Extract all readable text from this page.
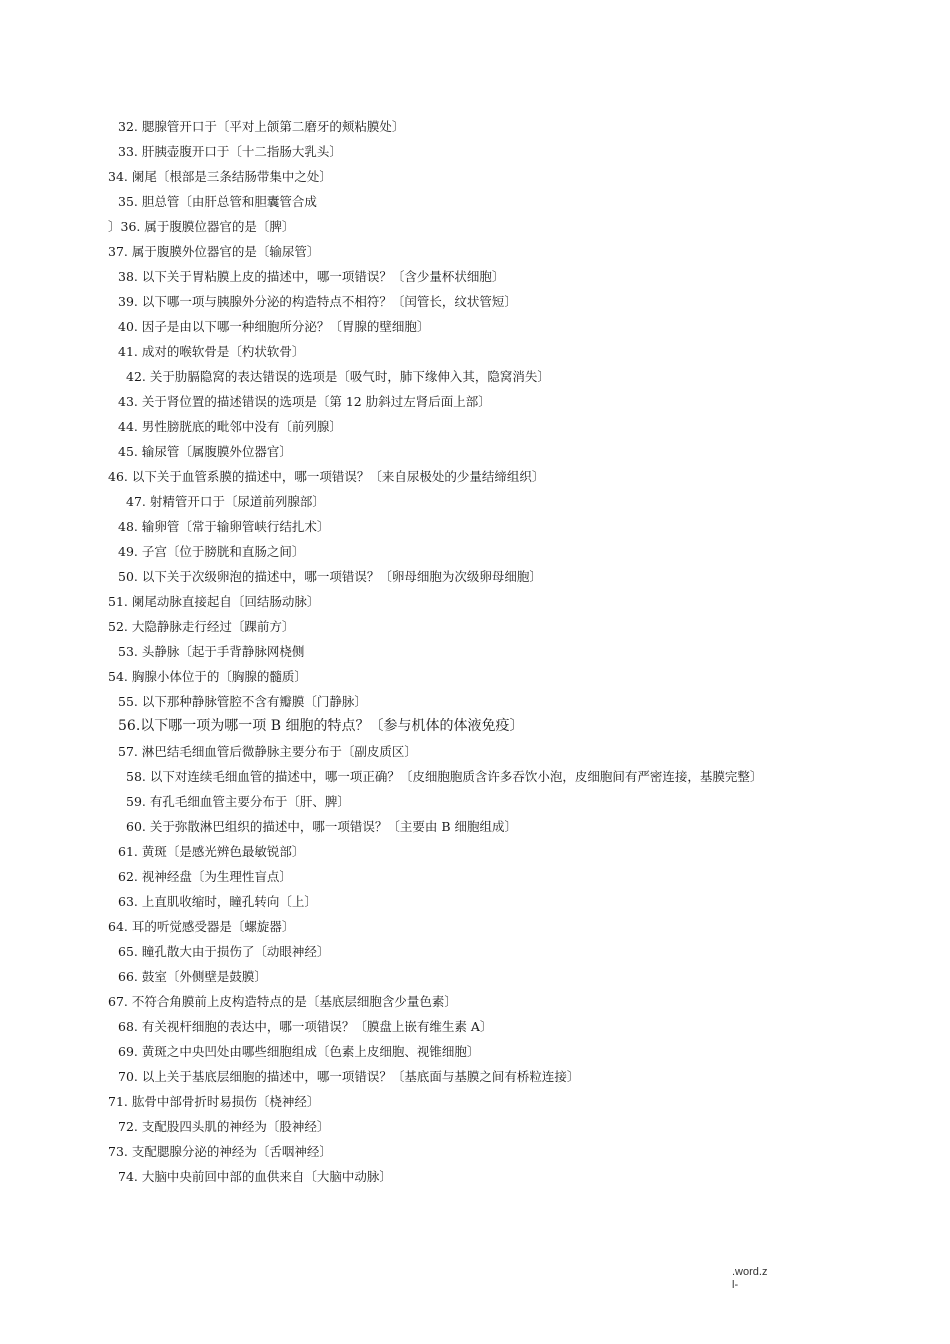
32. 腮腺管开口于〔平对上颌第二磨牙的颊粘膜处〕
33. 肝胰壶腹开口于〔十二指肠大乳头〕
34. 阑尾〔根部是三条结肠带集中之处〕
35. 胆总管〔由肝总管和胆囊管合成
〕36. 属于腹膜位器官的是〔脾〕
37. 属于腹膜外位器官的是〔输尿管〕
38. 以下关于胃粘膜上皮的描述中，哪一项错误？〔含少量杯状细胞〕
39. 以下哪一项与胰腺外分泌的构造特点不相符？〔闰管长，纹状管短〕
40. 因子是由以下哪一种细胞所分泌？〔胃腺的壁细胞〕
41. 成对的喉软骨是〔杓状软骨〕
42. 关于肋膈隐窝的表达错误的选项是〔吸气时，肺下缘伸入其，隐窝消失〕
43. 关于肾位置的描述错误的选项是〔第 12 肋斜过左肾后面上部〕
44. 男性膀胱底的毗邻中没有〔前列腺〕
45. 输尿管〔属腹膜外位器官〕
46. 以下关于血管系膜的描述中，哪一项错误？〔来自尿极处的少量结缔组织〕
47. 射精管开口于〔尿道前列腺部〕
48. 输卵管〔常于输卵管峡行结扎术〕
49. 子宫〔位于膀胱和直肠之间〕
50. 以下关于次级卵泡的描述中，哪一项错误？〔卵母细胞为次级卵母细胞〕
51. 阑尾动脉直接起自〔回结肠动脉〕
52. 大隐静脉走行经过〔踝前方〕
53. 头静脉〔起于手背静脉网桡侧
54. 胸腺小体位于的〔胸腺的髓质〕
55. 以下那种静脉管腔不含有瓣膜〔门静脉〕
56.以下哪一项为哪一项 B 细胞的特点？〔参与机体的体液免疫〕
57. 淋巴结毛细血管后微静脉主要分布于〔副皮质区〕
58. 以下对连续毛细血管的描述中，哪一项正确？〔皮细胞胞质含许多吞饮小泡，皮细胞间有严密连接，基膜完整〕
59. 有孔毛细血管主要分布于〔肝、脾〕
60. 关于弥散淋巴组织的描述中，哪一项错误？〔主要由 B 细胞组成〕
61. 黄斑〔是感光辨色最敏锐部〕
62. 视神经盘〔为生理性盲点〕
63. 上直肌收缩时，瞳孔转向〔上〕
64. 耳的听觉感受器是〔螺旋器〕
65. 瞳孔散大由于损伤了〔动眼神经〕
66. 鼓室〔外侧壁是鼓膜〕
67. 不符合角膜前上皮构造特点的是〔基底层细胞含少量色素〕
68. 有关视杆细胞的表达中，哪一项错误？〔膜盘上嵌有维生素 A〕
69. 黄斑之中央凹处由哪些细胞组成〔色素上皮细胞、视锥细胞〕
70. 以上关于基底层细胞的描述中，哪一项错误？〔基底面与基膜之间有桥粒连接〕
71. 肱骨中部骨折时易损伤〔桡神经〕
72. 支配股四头肌的神经为〔股神经〕
73. 支配腮腺分泌的神经为〔舌咽神经〕
74. 大脑中央前回中部的血供来自〔大脑中动脉〕
.word.z
l-
